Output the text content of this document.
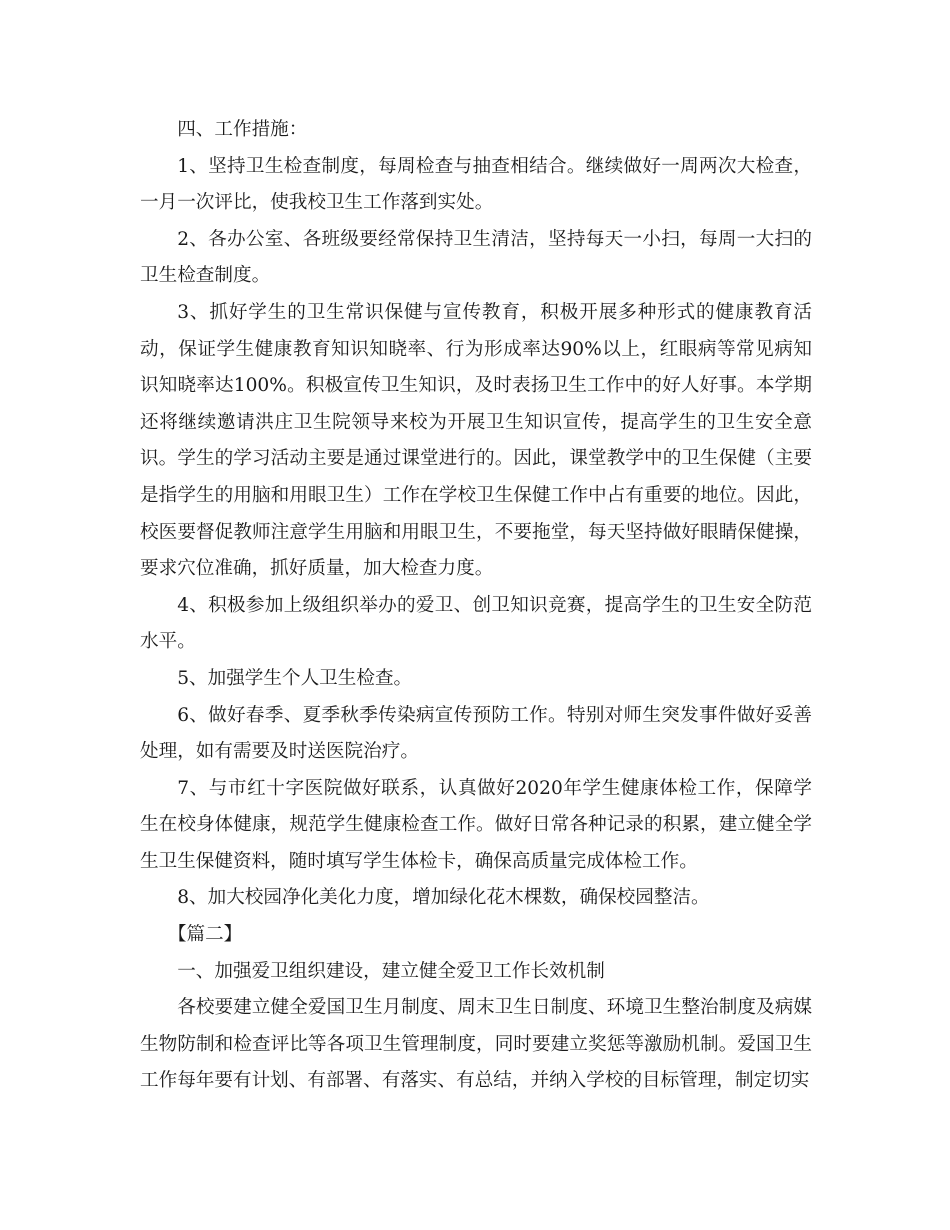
四、工作措施：

1、坚持卫生检查制度，每周检查与抽查相结合。继续做好一周两次大检查，一月一次评比，使我校卫生工作落到实处。

2、各办公室、各班级要经常保持卫生清洁，坚持每天一小扫，每周一大扫的卫生检查制度。

3、抓好学生的卫生常识保健与宣传教育，积极开展多种形式的健康教育活动，保证学生健康教育知识知晓率、行为形成率达90%以上，红眼病等常见病知识知晓率达100%。积极宣传卫生知识，及时表扬卫生工作中的好人好事。本学期还将继续邀请洪庄卫生院领导来校为开展卫生知识宣传，提高学生的卫生安全意识。学生的学习活动主要是通过课堂进行的。因此，课堂教学中的卫生保健（主要是指学生的用脑和用眼卫生）工作在学校卫生保健工作中占有重要的地位。因此，校医要督促教师注意学生用脑和用眼卫生，不要拖堂，每天坚持做好眼睛保健操，要求穴位准确，抓好质量，加大检查力度。

4、积极参加上级组织举办的爱卫、创卫知识竞赛，提高学生的卫生安全防范水平。

5、加强学生个人卫生检查。

6、做好春季、夏季秋季传染病宣传预防工作。特别对师生突发事件做好妥善处理，如有需要及时送医院治疗。

7、与市红十字医院做好联系，认真做好2020年学生健康体检工作，保障学生在校身体健康，规范学生健康检查工作。做好日常各种记录的积累，建立健全学生卫生保健资料，随时填写学生体检卡，确保高质量完成体检工作。

8、加大校园净化美化力度，增加绿化花木棵数，确保校园整洁。

【篇二】

一、加强爱卫组织建设，建立健全爱卫工作长效机制

各校要建立健全爱国卫生月制度、周末卫生日制度、环境卫生整治制度及病媒生物防制和检查评比等各项卫生管理制度，同时要建立奖惩等激励机制。爱国卫生工作每年要有计划、有部署、有落实、有总结，并纳入学校的目标管理，制定切实
